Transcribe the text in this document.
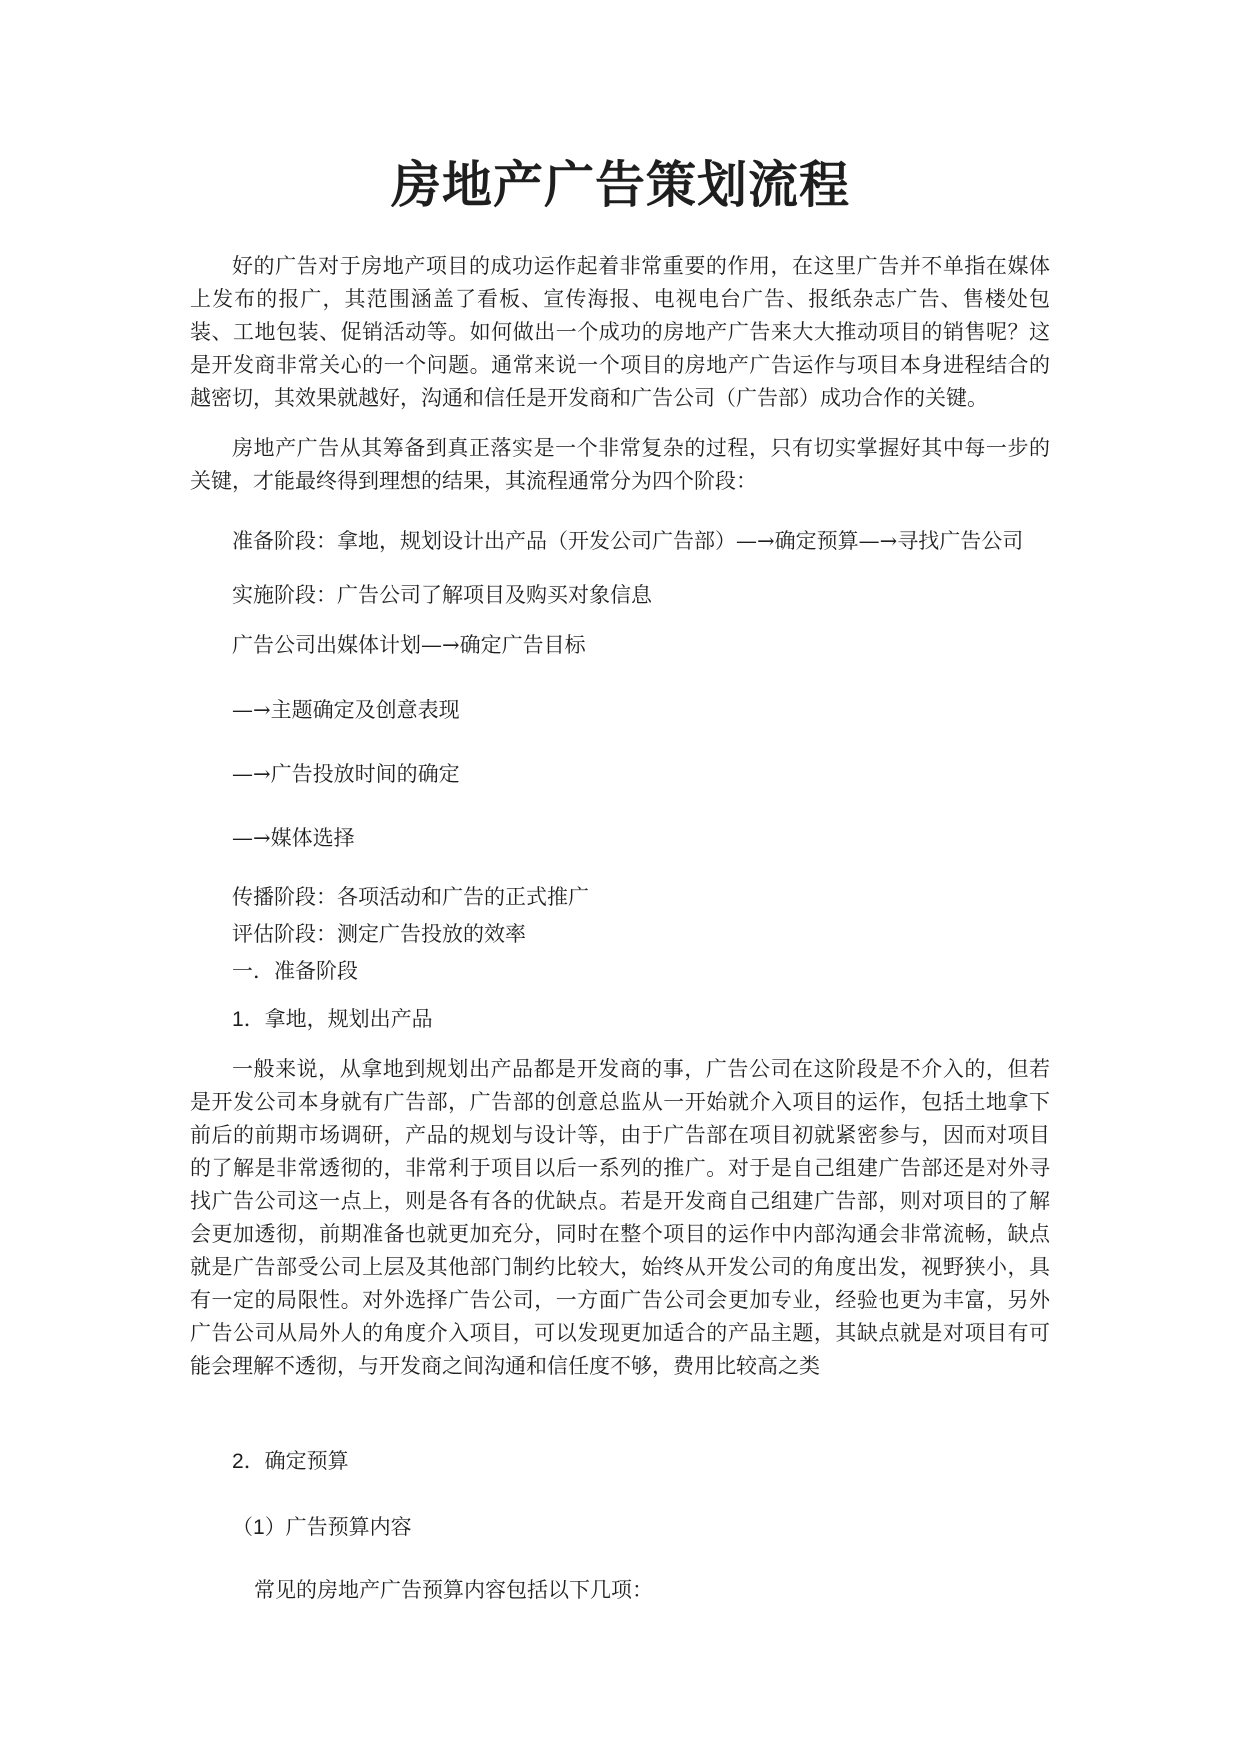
房地产广告策划流程

好的广告对于房地产项目的成功运作起着非常重要的作用，在这里广告并不单指在媒体上发布的报广，其范围涵盖了看板、宣传海报、电视电台广告、报纸杂志广告、售楼处包装、工地包装、促销活动等。如何做出一个成功的房地产广告来大大推动项目的销售呢？这是开发商非常关心的一个问题。通常来说一个项目的房地产广告运作与项目本身进程结合的越密切，其效果就越好，沟通和信任是开发商和广告公司（广告部）成功合作的关键。

房地产广告从其筹备到真正落实是一个非常复杂的过程，只有切实掌握好其中每一步的关键，才能最终得到理想的结果，其流程通常分为四个阶段：

准备阶段：拿地，规划设计出产品（开发公司广告部）—→确定预算—→寻找广告公司

实施阶段：广告公司了解项目及购买对象信息

广告公司出媒体计划—→确定广告目标

—→主题确定及创意表现

—→广告投放时间的确定

—→媒体选择

传播阶段：各项活动和广告的正式推广

评估阶段：测定广告投放的效率

一．准备阶段

1．拿地，规划出产品

一般来说，从拿地到规划出产品都是开发商的事，广告公司在这阶段是不介入的，但若是开发公司本身就有广告部，广告部的创意总监从一开始就介入项目的运作，包括土地拿下前后的前期市场调研，产品的规划与设计等，由于广告部在项目初就紧密参与，因而对项目的了解是非常透彻的，非常利于项目以后一系列的推广。对于是自己组建广告部还是对外寻找广告公司这一点上，则是各有各的优缺点。若是开发商自己组建广告部，则对项目的了解会更加透彻，前期准备也就更加充分，同时在整个项目的运作中内部沟通会非常流畅，缺点就是广告部受公司上层及其他部门制约比较大，始终从开发公司的角度出发，视野狭小，具有一定的局限性。对外选择广告公司，一方面广告公司会更加专业，经验也更为丰富，另外广告公司从局外人的角度介入项目，可以发现更加适合的产品主题，其缺点就是对项目有可能会理解不透彻，与开发商之间沟通和信任度不够，费用比较高之类

2．确定预算

（1）广告预算内容

常见的房地产广告预算内容包括以下几项：
